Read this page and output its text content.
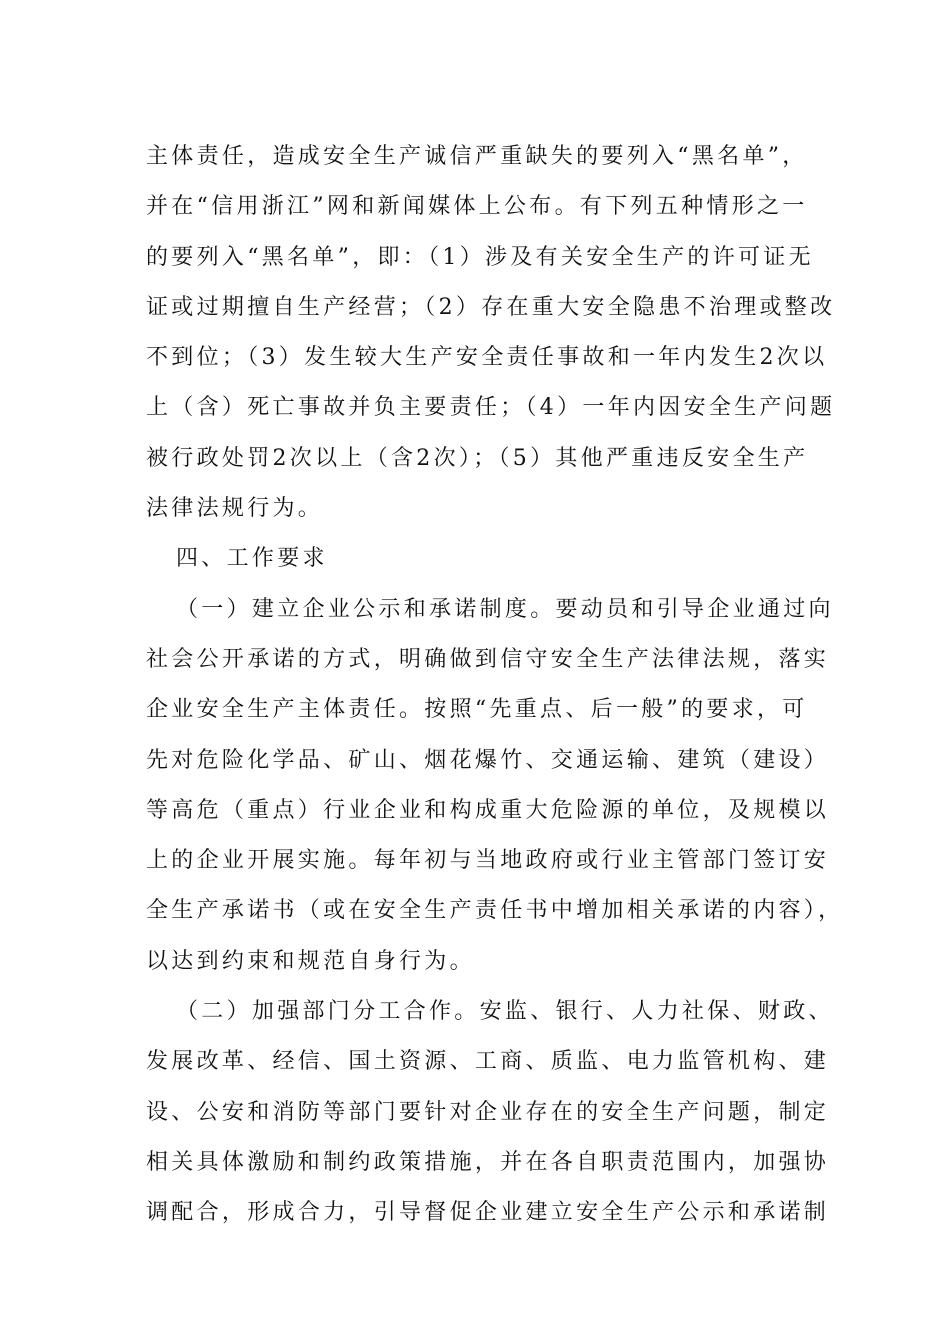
主体责任，造成安全生产诚信严重缺失的要列入“黑名单”，
并在“信用浙江”网和新闻媒体上公布。有下列五种情形之一
的要列入“黑名单”，即：（1）涉及有关安全生产的许可证无
证或过期擅自生产经营；（2）存在重大安全隐患不治理或整改
不到位；（3）发生较大生产安全责任事故和一年内发生2次以
上（含）死亡事故并负主要责任；（4）一年内因安全生产问题
被行政处罚2次以上（含2次）；（5）其他严重违反安全生产
法律法规行为。
四、工作要求
（一）建立企业公示和承诺制度。要动员和引导企业通过向
社会公开承诺的方式，明确做到信守安全生产法律法规，落实
企业安全生产主体责任。按照“先重点、后一般”的要求，可
先对危险化学品、矿山、烟花爆竹、交通运输、建筑（建设）
等高危（重点）行业企业和构成重大危险源的单位，及规模以
上的企业开展实施。每年初与当地政府或行业主管部门签订安
全生产承诺书（或在安全生产责任书中增加相关承诺的内容），
以达到约束和规范自身行为。
（二）加强部门分工合作。安监、银行、人力社保、财政、
发展改革、经信、国土资源、工商、质监、电力监管机构、建
设、公安和消防等部门要针对企业存在的安全生产问题，制定
相关具体激励和制约政策措施，并在各自职责范围内，加强协
调配合，形成合力，引导督促企业建立安全生产公示和承诺制
